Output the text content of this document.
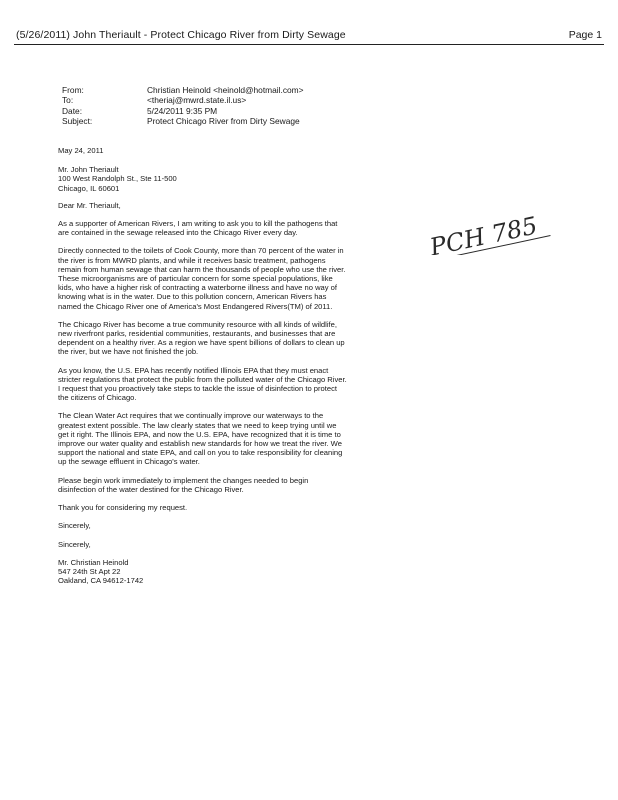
(5/26/2011) John Theriault - Protect Chicago River from Dirty Sewage	Page 1
From:	Christian Heinold <heinold@hotmail.com>
To:	<theriaj@mwrd.state.il.us>
Date:	5/24/2011 9:35 PM
Subject:	Protect Chicago River from Dirty Sewage
PCH 785

May 24, 2011

Mr. John Theriault
100 West Randolph St., Ste 11-500
Chicago, IL 60601

Dear Mr. Theriault,

As a supporter of American Rivers, I am writing to ask you to kill the pathogens that are contained in the sewage released into the Chicago River every day.

Directly connected to the toilets of Cook County, more than 70 percent of the water in the river is from MWRD plants, and while it receives basic treatment, pathogens remain from human sewage that can harm the thousands of people who use the river. These microorganisms are of particular concern for some special populations, like kids, who have a higher risk of contracting a waterborne illness and have no way of knowing what is in the water. Due to this pollution concern, American Rivers has named the Chicago River one of America's Most Endangered Rivers(TM) of 2011.

The Chicago River has become a true community resource with all kinds of wildlife, new riverfront parks, residential communities, restaurants, and businesses that are dependent on a healthy river. As a region we have spent billions of dollars to clean up the river, but we have not finished the job.

As you know, the U.S. EPA has recently notified Illinois EPA that they must enact stricter regulations that protect the public from the polluted water of the Chicago River. I request that you proactively take steps to tackle the issue of disinfection to protect the citizens of Chicago.

The Clean Water Act requires that we continually improve our waterways to the greatest extent possible. The law clearly states that we need to keep trying until we get it right. The Illinois EPA, and now the U.S. EPA, have recognized that it is time to improve our water quality and establish new standards for how we treat the river. We support the national and state EPA, and call on you to take responsibility for cleaning up the sewage effluent in Chicago's water.

Please begin work immediately to implement the changes needed to begin disinfection of the water destined for the Chicago River.

Thank you for considering my request.

Sincerely,

Sincerely,

Mr. Christian Heinold
547 24th St Apt 22
Oakland, CA 94612-1742
